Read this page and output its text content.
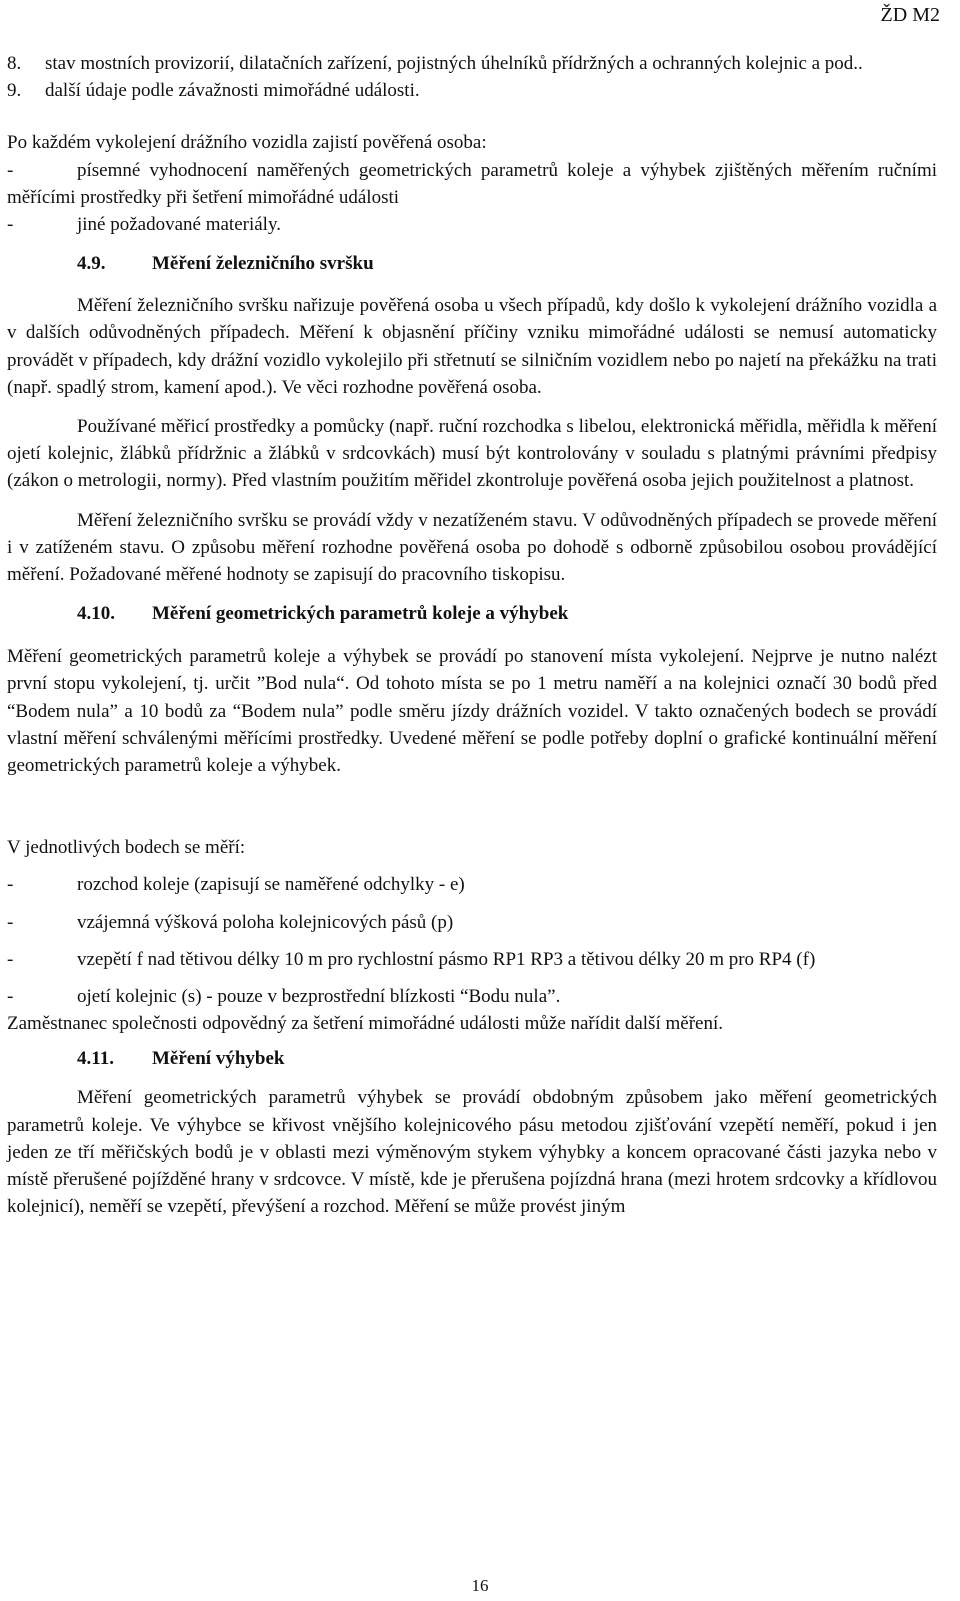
ŽD M2
8.	stav mostních provizorií, dilatačních zařízení, pojistných úhelníků přídržných a ochranných kolejnic a pod..
9.	další údaje podle závažnosti mimořádné události.

Po každém vykolejení drážního vozidla zajistí pověřená osoba:

-	písemné vyhodnocení naměřených geometrických parametrů koleje a výhybek zjištěných měřením ručními měřícími prostředky při šetření mimořádné události

-	jiné požadované materiály.
4.9. Měření železničního svršku

Měření železničního svršku nařizuje pověřená osoba u všech případů, kdy došlo k vykolejení drážního vozidla a v dalších odůvodněných případech. Měření k objasnění příčiny vzniku mimořádné události se nemusí automaticky provádět v případech, kdy drážní vozidlo vykolejilo při střetnutí se silničním vozidlem nebo po najetí na překážku na trati (např. spadlý strom, kamení apod.). Ve věci rozhodne pověřená osoba.

Používané měřicí prostředky a pomůcky (např. ruční rozchodka s libelou, elektronická měřidla, měřidla k měření ojetí kolejnic, žlábků přídržnic a žlábků v srdcovkách) musí být kontrolovány v souladu s platnými právními předpisy (zákon o metrologii, normy). Před vlastním použitím měřidel zkontroluje pověřená osoba jejich použitelnost a platnost.

Měření železničního svršku se provádí vždy v nezatíženém stavu. V odůvodněných případech se provede měření i v zatíženém stavu. O způsobu měření rozhodne pověřená osoba po dohodě s odborně způsobilou osobou provádějící měření. Požadované měřené hodnoty se zapisují do pracovního tiskopisu.

4.10. Měření geometrických parametrů koleje a výhybek

Měření geometrických parametrů koleje a výhybek se provádí po stanovení místa vykolejení. Nejprve je nutno nalézt první stopu vykolejení, tj. určit ”Bod nula“. Od tohoto místa se po 1 metru naměří a na kolejnici označí 30 bodů před “Bodem nula” a 10 bodů za “Bodem nula” podle směru jízdy drážních vozidel. V takto označených bodech se provádí vlastní měření schválenými měřícími prostředky. Uvedené měření se podle potřeby doplní o grafické kontinuální měření geometrických parametrů koleje a výhybek.

V jednotlivých bodech se měří:

-	rozchod koleje (zapisují se naměřené odchylky - e)
-	vzájemná výšková poloha kolejnicových pásů (p)
-	vzepětí f nad tětivou délky 10 m pro rychlostní pásmo RP1 RP3 a tětivou délky 20 m pro RP4 (f)
-	ojetí kolejnic (s) - pouze v bezprostřední blízkosti “Bodu nula”.

Zaměstnanec společnosti odpovědný za šetření mimořádné události může nařídit další měření.

4.11. Měření výhybek

Měření geometrických parametrů výhybek se provádí obdobným způsobem jako měření geometrických parametrů koleje. Ve výhybce se křivost vnějšího kolejnicového pásu metodou zjišťování vzepětí neměří, pokud i jen jeden ze tří měřičských bodů je v oblasti mezi výměnovým stykem výhybky a koncem opracované části jazyka nebo v místě přerušené pojížděné hrany v srdcovce. V místě, kde je přerušena pojízdná hrana (mezi hrotem srdcovky a křídlovou kolejnicí), neměří se vzepětí, převýšení a rozchod. Měření se může provést jiným

16
